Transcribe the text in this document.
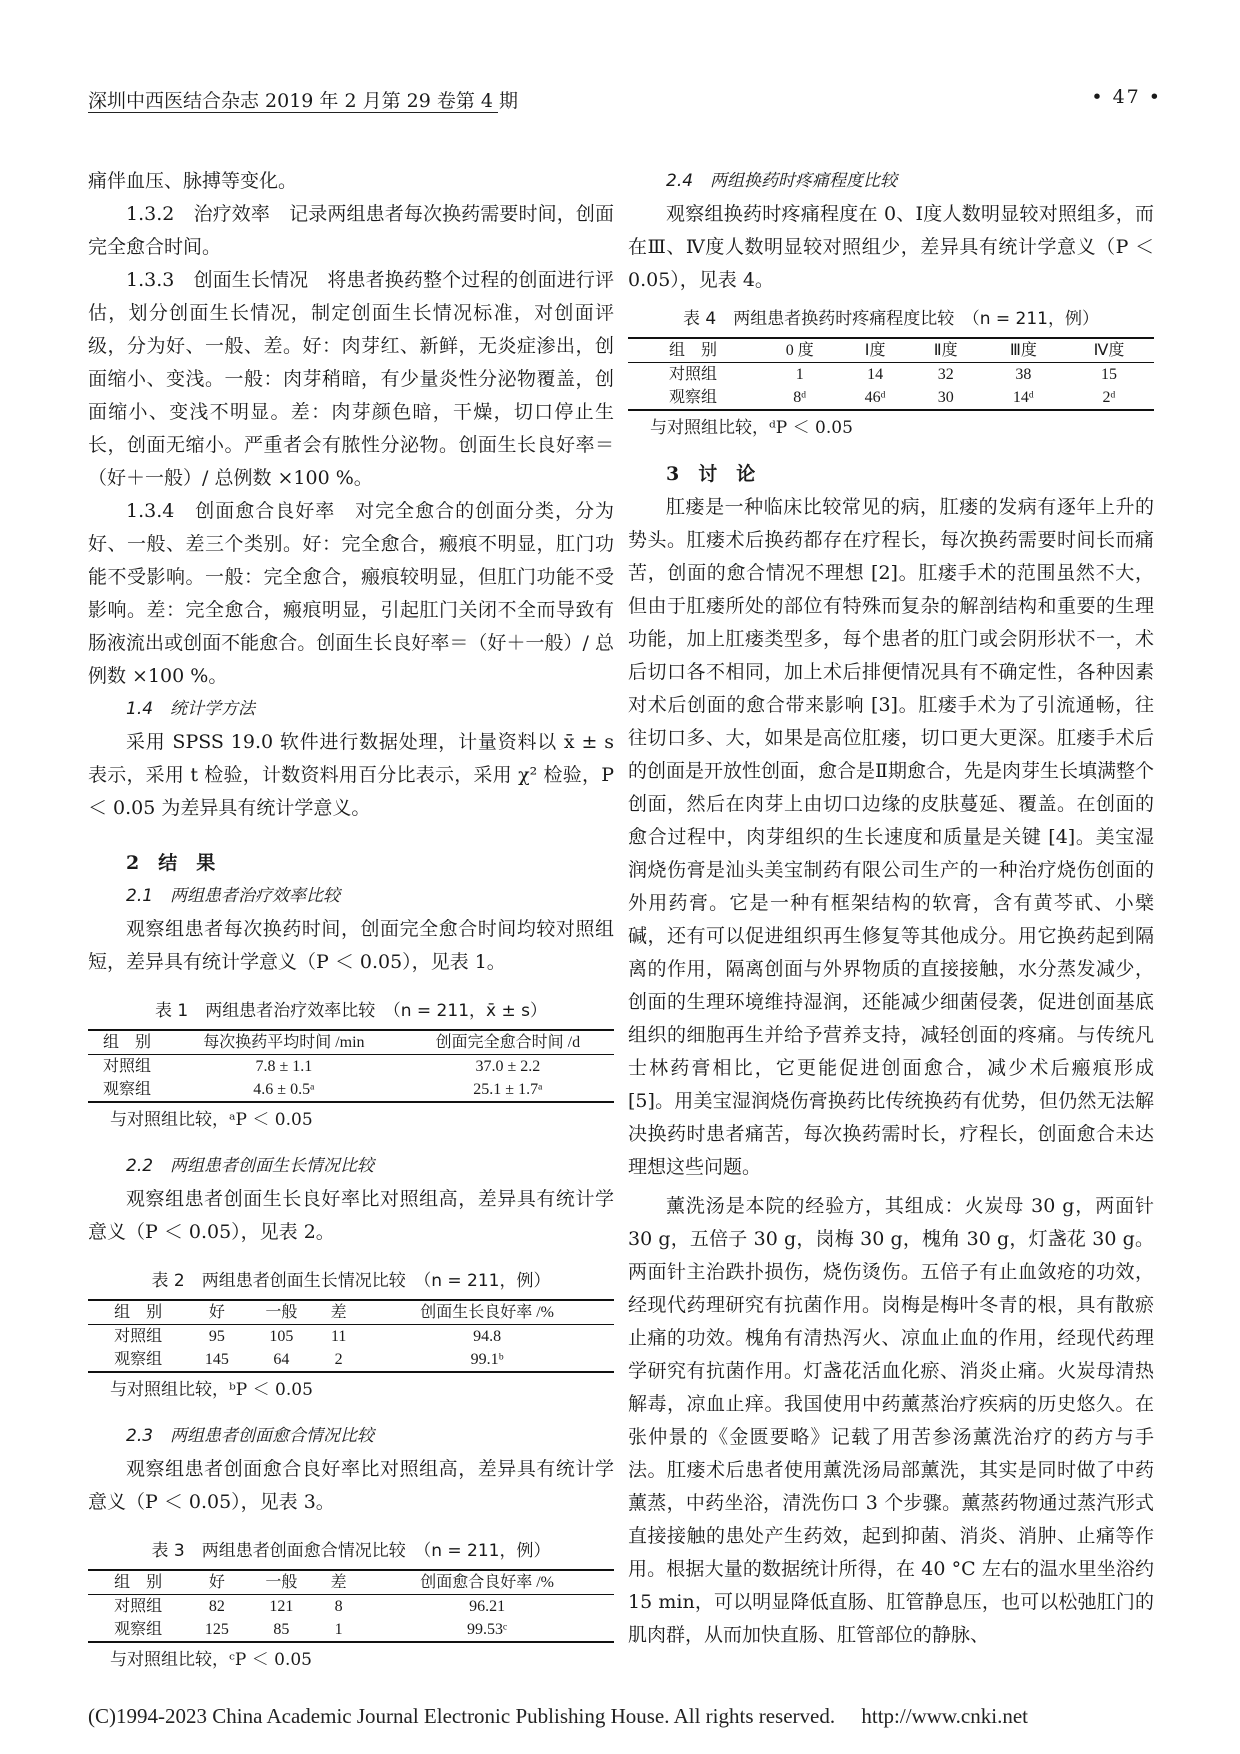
深圳中西医结合杂志 2019 年 2 月第 29 卷第 4 期	• 47 •

痛伴血压、脉搏等变化。

1.3.2　治疗效率　记录两组患者每次换药需要时间，创面完全愈合时间。

1.3.3　创面生长情况　将患者换药整个过程的创面进行评估，划分创面生长情况，制定创面生长情况标准，对创面评级，分为好、一般、差。好：肉芽红、新鲜，无炎症渗出，创面缩小、变浅。一般：肉芽稍暗，有少量炎性分泌物覆盖，创面缩小、变浅不明显。差：肉芽颜色暗，干燥，切口停止生长，创面无缩小。严重者会有脓性分泌物。创面生长良好率＝（好＋一般）/ 总例数 ×100 %。

1.3.4　创面愈合良好率　对完全愈合的创面分类，分为好、一般、差三个类别。好：完全愈合，瘢痕不明显，肛门功能不受影响。一般：完全愈合，瘢痕较明显，但肛门功能不受影响。差：完全愈合，瘢痕明显，引起肛门关闭不全而导致有肠液流出或创面不能愈合。创面生长良好率＝（好＋一般）/ 总例数 ×100 %。

1.4　统计学方法

采用 SPSS 19.0 软件进行数据处理，计量资料以 x̄ ± s 表示，采用 t 检验，计数资料用百分比表示，采用 χ² 检验，P ＜ 0.05 为差异具有统计学意义。

2　结　果
2.1　两组患者治疗效率比较

观察组患者每次换药时间，创面完全愈合时间均较对照组短，差异具有统计学意义（P ＜ 0.05），见表 1。

表 1　两组患者治疗效率比较　（n = 211，x̄ ± s）
组　别	每次换药平均时间 /min	创面完全愈合时间 /d
对照组	7.8 ± 1.1	37.0 ± 2.2
观察组	4.6 ± 0.5ᵃ	25.1 ± 1.7ᵃ
与对照组比较，ᵃP ＜ 0.05
2.2　两组患者创面生长情况比较

观察组患者创面生长良好率比对照组高，差异具有统计学意义（P ＜ 0.05），见表 2。

表 2　两组患者创面生长情况比较　（n = 211，例）
组　别	好	一般	差	创面生长良好率 /%
对照组	95	105	11	94.8
观察组	145	64	2	99.1ᵇ
与对照组比较，ᵇP ＜ 0.05
2.3　两组患者创面愈合情况比较

观察组患者创面愈合良好率比对照组高，差异具有统计学意义（P ＜ 0.05），见表 3。

表 3　两组患者创面愈合情况比较　（n = 211，例）
组　别	好	一般	差	创面愈合良好率 /%
对照组	82	121	8	96.21
观察组	125	85	1	99.53ᶜ
与对照组比较，ᶜP ＜ 0.05
2.4　两组换药时疼痛程度比较

观察组换药时疼痛程度在 0、Ⅰ度人数明显较对照组多，而在Ⅲ、Ⅳ度人数明显较对照组少，差异具有统计学意义（P ＜ 0.05），见表 4。

表 4　两组患者换药时疼痛程度比较　（n = 211，例）
组　别	0 度	Ⅰ度	Ⅱ度	Ⅲ度	Ⅳ度
对照组	1	14	32	38	15
观察组	8ᵈ	46ᵈ	30	14ᵈ	2ᵈ
与对照组比较，ᵈP ＜ 0.05
3　讨　论

肛瘘是一种临床比较常见的病，肛瘘的发病有逐年上升的势头。肛瘘术后换药都存在疗程长，每次换药需要时间长而痛苦，创面的愈合情况不理想 [2]。肛瘘手术的范围虽然不大，但由于肛瘘所处的部位有特殊而复杂的解剖结构和重要的生理功能，加上肛瘘类型多，每个患者的肛门或会阴形状不一，术后切口各不相同，加上术后排便情况具有不确定性，各种因素对术后创面的愈合带来影响 [3]。肛瘘手术为了引流通畅，往往切口多、大，如果是高位肛瘘，切口更大更深。肛瘘手术后的创面是开放性创面，愈合是Ⅱ期愈合，先是肉芽生长填满整个创面，然后在肉芽上由切口边缘的皮肤蔓延、覆盖。在创面的愈合过程中，肉芽组织的生长速度和质量是关键 [4]。美宝湿润烧伤膏是汕头美宝制药有限公司生产的一种治疗烧伤创面的外用药膏。它是一种有框架结构的软膏，含有黄芩甙、小檗碱，还有可以促进组织再生修复等其他成分。用它换药起到隔离的作用，隔离创面与外界物质的直接接触，水分蒸发减少，创面的生理环境维持湿润，还能减少细菌侵袭，促进创面基底组织的细胞再生并给予营养支持，减轻创面的疼痛。与传统凡士林药膏相比，它更能促进创面愈合，减少术后瘢痕形成 [5]。用美宝湿润烧伤膏换药比传统换药有优势，但仍然无法解决换药时患者痛苦，每次换药需时长，疗程长，创面愈合未达理想这些问题。

薰洗汤是本院的经验方，其组成：火炭母 30 g，两面针 30 g，五倍子 30 g，岗梅 30 g，槐角 30 g，灯盏花 30 g。两面针主治跌扑损伤，烧伤烫伤。五倍子有止血敛疮的功效，经现代药理研究有抗菌作用。岗梅是梅叶冬青的根，具有散瘀止痛的功效。槐角有清热泻火、凉血止血的作用，经现代药理学研究有抗菌作用。灯盏花活血化瘀、消炎止痛。火炭母清热解毒，凉血止痒。我国使用中药薰蒸治疗疾病的历史悠久。在张仲景的《金匮要略》记载了用苦参汤薰洗治疗的药方与手法。肛瘘术后患者使用薰洗汤局部薰洗，其实是同时做了中药薰蒸，中药坐浴，清洗伤口 3 个步骤。薰蒸药物通过蒸汽形式直接接触的患处产生药效，起到抑菌、消炎、消肿、止痛等作用。根据大量的数据统计所得，在 40 °C 左右的温水里坐浴约 15 min，可以明显降低直肠、肛管静息压，也可以松弛肛门的肌肉群，从而加快直肠、肛管部位的静脉、

(C)1994-2023 China Academic Journal Electronic Publishing House. All rights reserved.　 http://www.cnki.net
